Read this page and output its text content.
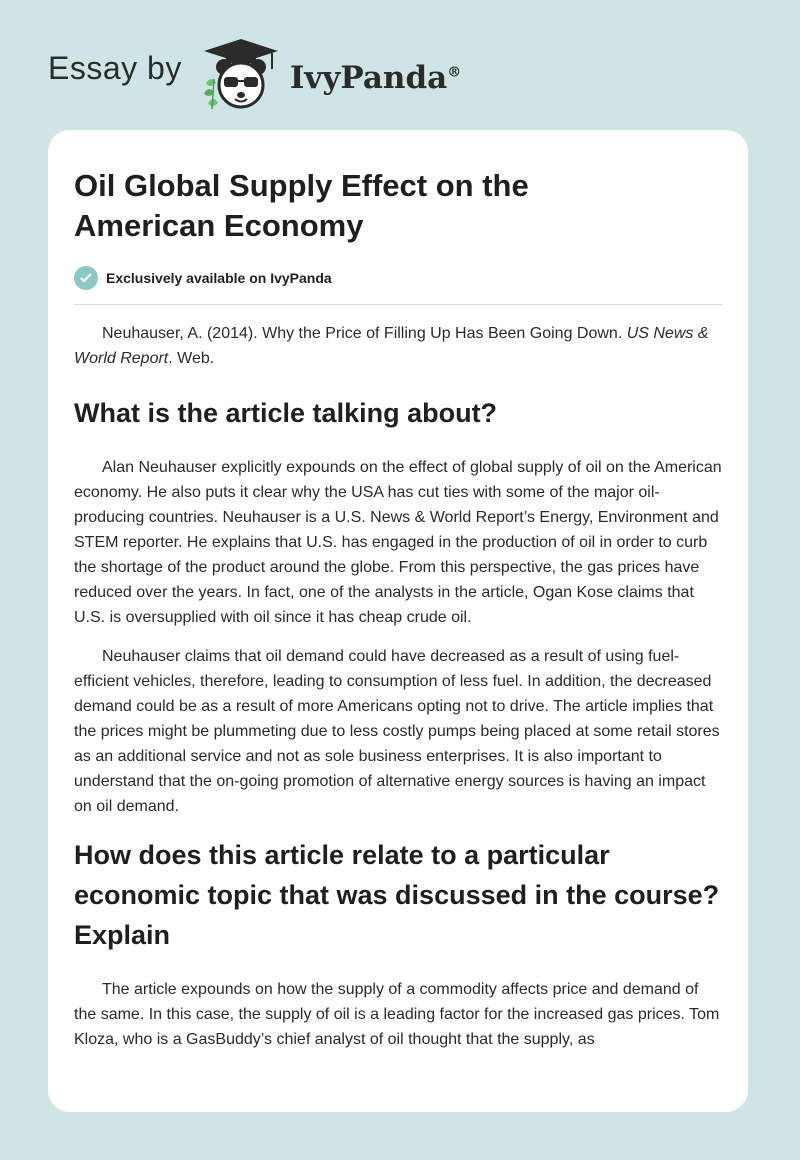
Essay by	IvyPanda®
Oil Global Supply Effect on the American Economy
Exclusively available on IvyPanda

Neuhauser, A. (2014). Why the Price of Filling Up Has Been Going Down. US News & World Report. Web.

What is the article talking about?

Alan Neuhauser explicitly expounds on the effect of global supply of oil on the American economy. He also puts it clear why the USA has cut ties with some of the major oil-producing countries. Neuhauser is a U.S. News & World Report’s Energy, Environment and STEM reporter. He explains that U.S. has engaged in the production of oil in order to curb the shortage of the product around the globe. From this perspective, the gas prices have reduced over the years. In fact, one of the analysts in the article, Ogan Kose claims that U.S. is oversupplied with oil since it has cheap crude oil.

Neuhauser claims that oil demand could have decreased as a result of using fuel-efficient vehicles, therefore, leading to consumption of less fuel. In addition, the decreased demand could be as a result of more Americans opting not to drive. The article implies that the prices might be plummeting due to less costly pumps being placed at some retail stores as an additional service and not as sole business enterprises. It is also important to understand that the on-going promotion of alternative energy sources is having an impact on oil demand.

How does this article relate to a particular economic topic that was discussed in the course? Explain

The article expounds on how the supply of a commodity affects price and demand of the same. In this case, the supply of oil is a leading factor for the increased gas prices. Tom Kloza, who is a GasBuddy’s chief analyst of oil thought that the supply, as
